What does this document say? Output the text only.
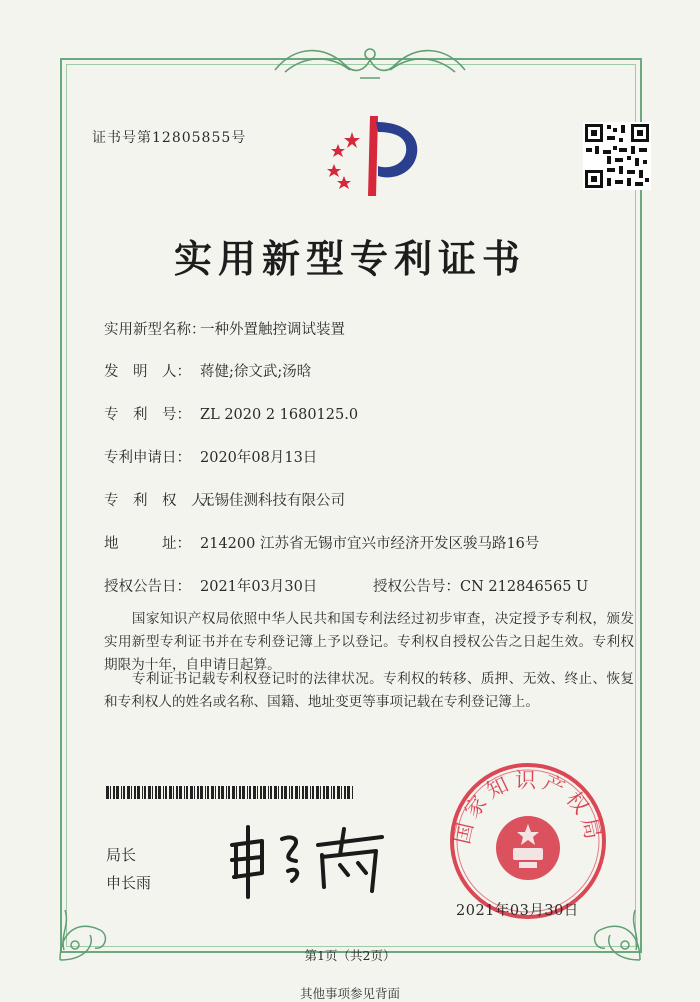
证书号第12805855号
实用新型专利证书
实用新型名称：一种外置触控调试装置
发　明　人： 蒋健;徐文武;汤晗
专　利　号： ZL 2020 2 1680125.0
专利申请日： 2020年08月13日
专　利　权　人：无锡佳测科技有限公司
地　　　址： 214200 江苏省无锡市宜兴市经济开发区骏马路16号
授权公告日： 2021年03月30日	授权公告号：CN 212846565 U
　　国家知识产权局依照中华人民共和国专利法经过初步审查，决定授予专利权，颁发实用新型专利证书并在专利登记簿上予以登记。专利权自授权公告之日起生效。专利权期限为十年，自申请日起算。
　　专利证书记载专利权登记时的法律状况。专利权的转移、质押、无效、终止、恢复和专利权人的姓名或名称、国籍、地址变更等事项记载在专利登记簿上。
局长
申长雨
国家知识产权局
2021年03月30日
第1页（共2页）
其他事项参见背面
